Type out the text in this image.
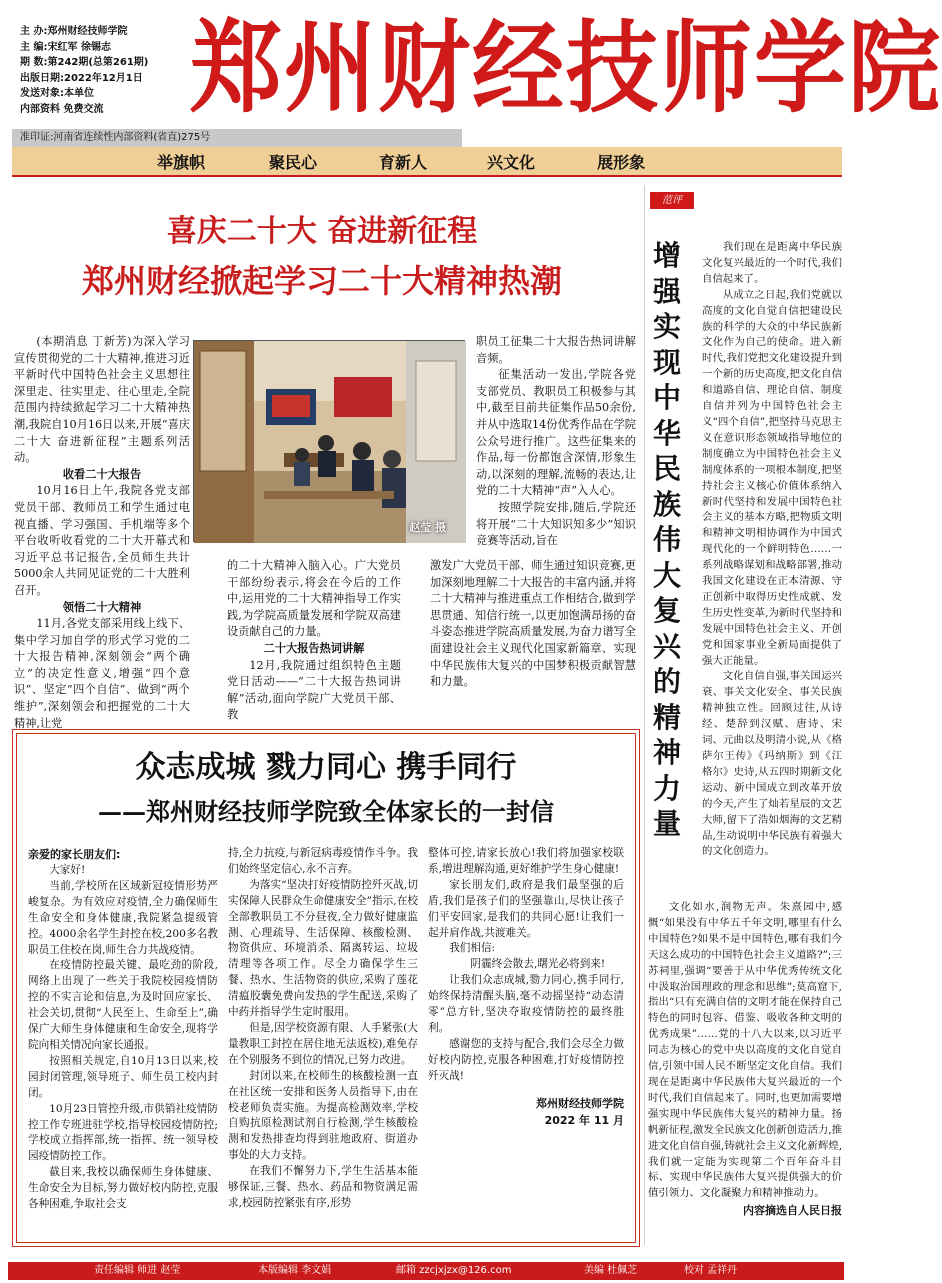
主 办:郑州财经技师学院
主 编:宋红军 徐锡志
期 数:第242期(总第261期)
出版日期:2022年12月1日
发送对象:本单位
内部资料 免费交流 郑州财经技师学院
准印证:河南省连续性内部资料(省直)275号
举旗帜	聚民心	育新人	兴文化	展形象
喜庆二十大 奋进新征程
郑州财经掀起学习二十大精神热潮

(本期消息 丁新芳)为深入学习宣传贯彻党的二十大精神,推进习近平新时代中国特色社会主义思想往深里走、往实里走、往心里走,全院范围内持续掀起学习二十大精神热潮,我院自10月16日以来,开展“喜庆二十大 奋进新征程”主题系列活动。

收看二十大报告

10月16日上午,我院各党支部党员干部、教师员工和学生通过电视直播、学习强国、手机端等多个平台收听收看党的二十大开幕式和习近平总书记报告,全员师生共计5000余人共同见证党的二十大胜利召开。

领悟二十大精神

11月,各党支部采用线上线下、集中学习加自学的形式学习党的二十大报告精神,深刻领会“两个确立”的决定性意义,增强“四个意识”、坚定“四个自信”、做到“两个维护”,深刻领会和把握党的二十大精神,让党

赵莹 摄

的二十大精神入脑入心。广大党员干部纷纷表示,将会在今后的工作中,运用党的二十大精神指导工作实践,为学院高质量发展和学院双高建设贡献自己的力量。

二十大报告热词讲解

12月,我院通过组织特色主题党日活动——“二十大报告热词讲解”活动,面向学院广大党员干部、教

职员工征集二十大报告热词讲解音频。

征集活动一发出,学院各党支部党员、教职员工积极参与其中,截至目前共征集作品50余份,并从中选取14份优秀作品在学院公众号进行推广。这些征集来的作品,每一份都饱含深情,形象生动,以深刻的理解,流畅的表达,让党的二十大精神“声”入人心。

按照学院安排,随后,学院还将开展“二十大知识知多少”知识竞赛等活动,旨在

激发广大党员干部、师生通过知识竞赛,更加深刻地理解二十大报告的丰富内涵,并将二十大精神与推进重点工作相结合,做到学思贯通、知信行统一,以更加饱满昂扬的奋斗姿态推进学院高质量发展,为奋力谱写全面建设社会主义现代化国家新篇章、实现中华民族伟大复兴的中国梦积极贡献智慧和力量。

范评
增强实现中华民族伟大复兴的精神力量

我们现在是距离中华民族文化复兴最近的一个时代,我们自信起来了。

从成立之日起,我们党就以高度的文化自觉自信把建设民族的科学的大众的中华民族新文化作为自己的使命。进入新时代,我们党把文化建设提升到一个新的历史高度,把文化自信和道路自信、理论自信、制度自信并列为中国特色社会主义“四个自信”,把坚持马克思主义在意识形态领域指导地位的制度确立为中国特色社会主义制度体系的一项根本制度,把坚持社会主义核心价值体系纳入新时代坚持和发展中国特色社会主义的基本方略,把物质文明和精神文明相协调作为中国式现代化的一个鲜明特色……一系列战略谋划和战略部署,推动我国文化建设在正本清源、守正创新中取得历史性成就、发生历史性变革,为新时代坚持和发展中国特色社会主义、开创党和国家事业全新局面提供了强大正能量。

文化自信自强,事关国运兴衰、事关文化安全、事关民族精神独立性。回顾过往,从诗经、楚辞到汉赋、唐诗、宋词、元曲以及明清小说,从《格萨尔王传》《玛纳斯》到《江格尔》史诗,从五四时期新文化运动、新中国成立到改革开放的今天,产生了灿若星辰的文艺大师,留下了浩如烟海的文艺精品,生动说明中华民族有着强大的文化创造力。

文化如水,润物无声。朱熹园中,感慨“如果没有中华五千年文明,哪里有什么中国特色?如果不是中国特色,哪有我们今天这么成功的中国特色社会主义道路?”;三苏祠里,强调“要善于从中华优秀传统文化中汲取治国理政的理念和思维”;莫高窟下,指出“只有充满自信的文明才能在保持自己特色的同时包容、借鉴、吸收各种文明的优秀成果”……党的十八大以来,以习近平同志为核心的党中央以高度的文化自觉自信,引领中国人民不断坚定文化自信。我们现在是距离中华民族伟大复兴最近的一个时代,我们自信起来了。同时,也更加需要增强实现中华民族伟大复兴的精神力量。扬帆新征程,激发全民族文化创新创造活力,推进文化自信自强,铸就社会主义文化新辉煌,我们就一定能为实现第二个百年奋斗目标、实现中华民族伟大复兴提供强大的价值引领力、文化凝聚力和精神推动力。

内容摘选自人民日报

众志成城 戮力同心 携手同行
——郑州财经技师学院致全体家长的一封信

亲爱的家长朋友们:

大家好!

当前,学校所在区域新冠疫情形势严峻复杂。为有效应对疫情,全力确保师生生命安全和身体健康,我院紧急提级管控。4000余名学生封控在校,200多名教职员工住校在岗,师生合力共战疫情。

在疫情防控最关键、最吃劲的阶段,网络上出现了一些关于我院校园疫情防控的不实言论和信息,为及时回应家长、社会关切,贯彻“人民至上、生命至上”,确保广大师生身体健康和生命安全,现将学院向相关情况向家长通报。

按照相关规定,自10月13日以来,校园封闭管理,领导班子、师生员工校内封闭。

10月23日管控升级,市供销社疫情防控工作专班进驻学校,指导校园疫情防控;学校成立指挥部,统一指挥、统一领导校园疫情防控工作。

截目来,我校以确保师生身体健康、生命安全为目标,努力做好校内防控,克服各种困难,争取社会支

持,全力抗疫,与新冠病毒疫情作斗争。我们始终坚定信心,永不言弃。

为落实“坚决打好疫情防控歼灭战,切实保障人民群众生命健康安全”指示,在校全部教职员工不分昼夜,全力做好健康监测、心理疏导、生活保障、核酸检测、物资供应、环境消杀、隔离转运、垃圾清理等各项工作。尽全力确保学生三餐、热水、生活物资的供应,采购了莲花清瘟胶囊免费向发热的学生配送,采购了中药并指导学生定时服用。

但是,因学校资源有限、人手紧张(大量教职工封控在居住地无法返校),难免存在个别服务不到位的情况,已努力改进。

封闭以来,在校师生的核酸检测一直在社区统一安排和医务人员指导下,由在校老师负责实施。为提高检测效率,学校自购抗原检测试剂自行检测,学生核酸检测和发热排查均得到驻地政府、街道办事处的大力支持。

在我们不懈努力下,学生生活基本能够保证,三餐、热水、药品和物资满足需求,校园防控紧张有序,形势

整体可控,请家长放心!我们将加强家校联系,增进理解沟通,更好维护学生身心健康!

家长朋友们,政府是我们最坚强的后盾,我们是孩子们的坚强靠山,尽快让孩子们平安回家,是我们的共同心愿!让我们一起并肩作战,共渡难关。

我们相信:

阴霾终会散去,曙光必将到来!

让我们众志成城,勠力同心,携手同行,始终保持清醒头脑,毫不动摇坚持“动态清零”总方针,坚决夺取疫情防控的最终胜利。

感谢您的支持与配合,我们会尽全力做好校内防控,克服各种困难,打好疫情防控歼灭战!

郑州财经技师学院

2022 年 11 月

责任编辑 师进 赵莹	本版编辑 李文娟	邮箱 zzcjxjzx@126.com	美编 杜佩芝	校对 孟祥丹
